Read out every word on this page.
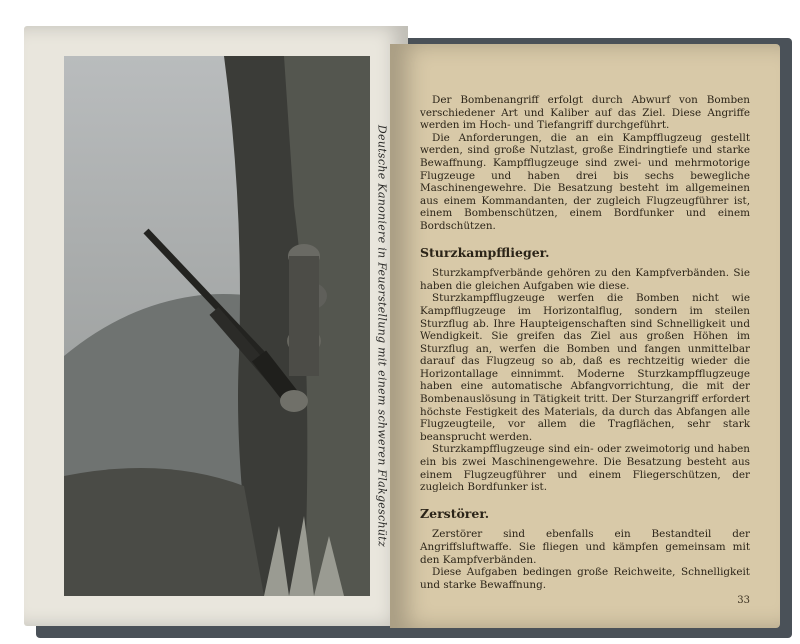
Deutsche Kanoniere in Feuerstellung mit einem schweren Flakgeschütz

Der Bombenangriff erfolgt durch Abwurf von Bomben verschiedener Art und Kaliber auf das Ziel. Diese Angriffe werden im Hoch- und Tiefangriff durchgeführt.

Die Anforderungen, die an ein Kampfflugzeug gestellt werden, sind große Nutzlast, große Eindringtiefe und starke Bewaffnung. Kampfflugzeuge sind zwei- und mehrmotorige Flugzeuge und haben drei bis sechs bewegliche Maschinengewehre. Die Besatzung besteht im allgemeinen aus einem Kommandanten, der zugleich Flugzeugführer ist, einem Bombenschützen, einem Bordfunker und einem Bordschützen.

Sturzkampfflieger.

Sturzkampfverbände gehören zu den Kampfverbänden. Sie haben die gleichen Aufgaben wie diese.

Sturzkampfflugzeuge werfen die Bomben nicht wie Kampfflugzeuge im Horizontalflug, sondern im steilen Sturzflug ab. Ihre Haupteigenschaften sind Schnelligkeit und Wendigkeit. Sie greifen das Ziel aus großen Höhen im Sturzflug an, werfen die Bomben und fangen unmittelbar darauf das Flugzeug so ab, daß es rechtzeitig wieder die Horizontallage einnimmt. Moderne Sturzkampfflugzeuge haben eine automatische Abfangvorrichtung, die mit der Bombenauslösung in Tätigkeit tritt. Der Sturzangriff erfordert höchste Festigkeit des Materials, da durch das Abfangen alle Flugzeugteile, vor allem die Tragflächen, sehr stark beansprucht werden.

Sturzkampfflugzeuge sind ein- oder zweimotorig und haben ein bis zwei Maschinengewehre. Die Besatzung besteht aus einem Flugzeugführer und einem Fliegerschützen, der zugleich Bordfunker ist.

Zerstörer.

Zerstörer sind ebenfalls ein Bestandteil der Angriffsluftwaffe. Sie fliegen und kämpfen gemeinsam mit den Kampfverbänden.

Diese Aufgaben bedingen große Reichweite, Schnelligkeit und starke Bewaffnung.

33
